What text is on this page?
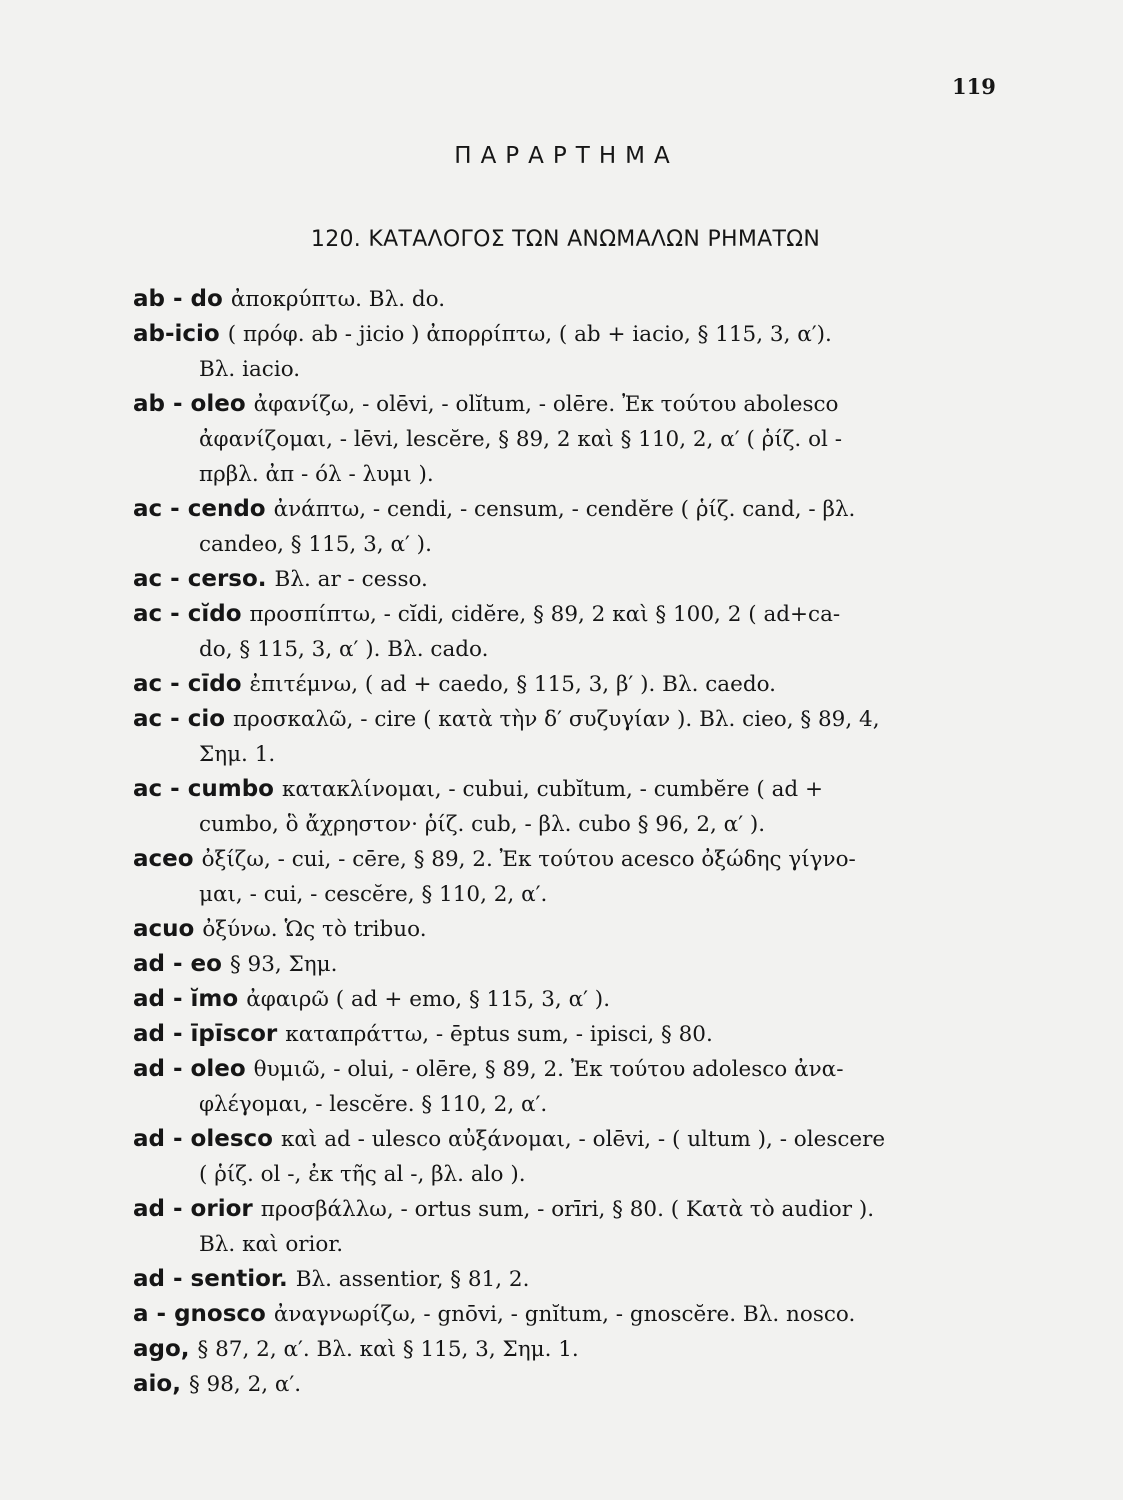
119
ΠΑΡΑΡΤΗΜΑ
120. ΚΑΤΑΛΟΓΟΣ ΤΩΝ ΑΝΩΜΑΛΩΝ ΡΗΜΑΤΩΝ
ab - do ἀποκρύπτω. Βλ. do.
ab-icio ( πρόφ. ab - jicio ) ἀπορρίπτω, ( ab + iacio, § 115, 3, α′).
Βλ. iacio.
ab - oleo ἀφανίζω, - olēvi, - olĭtum, - olēre. Ἐκ τούτου abolesco
ἀφανίζομαι, - lēvi, lescĕre, § 89, 2 καὶ § 110, 2, α′ ( ῥίζ. ol -
πρβλ. ἀπ - όλ - λυμι ).
ac - cendo ἀνάπτω, - cendi, - censum, - cendĕre ( ῥίζ. cand, - βλ.
candeo, § 115, 3, α′ ).
ac - cerso. Βλ. ar - cesso.
ac - cĭdo προσπίπτω, - cĭdi, cidĕre, § 89, 2 καὶ § 100, 2 ( ad+ca-
do, § 115, 3, α′ ). Βλ. cado.
ac - cīdo ἐπιτέμνω, ( ad + caedo, § 115, 3, β′ ). Βλ. caedo.
ac - cio προσκαλῶ, - cire ( κατὰ τὴν δ′ συζυγίαν ). Βλ. cieo, § 89, 4,
Σημ. 1.
ac - cumbo κατακλίνομαι, - cubui, cubĭtum, - cumbĕre ( ad +
cumbo, ὃ ἄχρηστον· ῥίζ. cub, - βλ. cubo § 96, 2, α′ ).
aceo ὀξίζω, - cui, - cēre, § 89, 2. Ἐκ τούτου acesco ὀξώδης γίγνο-
μαι, - cui, - cescĕre, § 110, 2, α′.
acuo ὀξύνω. Ὡς τὸ tribuo.
ad - eo § 93, Σημ.
ad - ĭmo ἀφαιρῶ ( ad + emo, § 115, 3, α′ ).
ad - īpīscor καταπράττω, - ēptus sum, - ipisci, § 80.
ad - oleo θυμιῶ, - olui, - olēre, § 89, 2. Ἐκ τούτου adolesco ἀνα-
φλέγομαι, - lescĕre. § 110, 2, α′.
ad - olesco καὶ ad - ulesco αὐξάνομαι, - olēvi, - ( ultum ), - olescere
( ῥίζ. ol -, ἐκ τῆς al -, βλ. alo ).
ad - orior προσβάλλω, - ortus sum, - orīri, § 80. ( Κατὰ τὸ audior ).
Βλ. καὶ orior.
ad - sentior. Βλ. assentior, § 81, 2.
a - gnosco ἀναγνωρίζω, - gnōvi, - gnĭtum, - gnoscĕre. Βλ. nosco.
ago, § 87, 2, α′. Βλ. καὶ § 115, 3, Σημ. 1.
aio, § 98, 2, α′.
